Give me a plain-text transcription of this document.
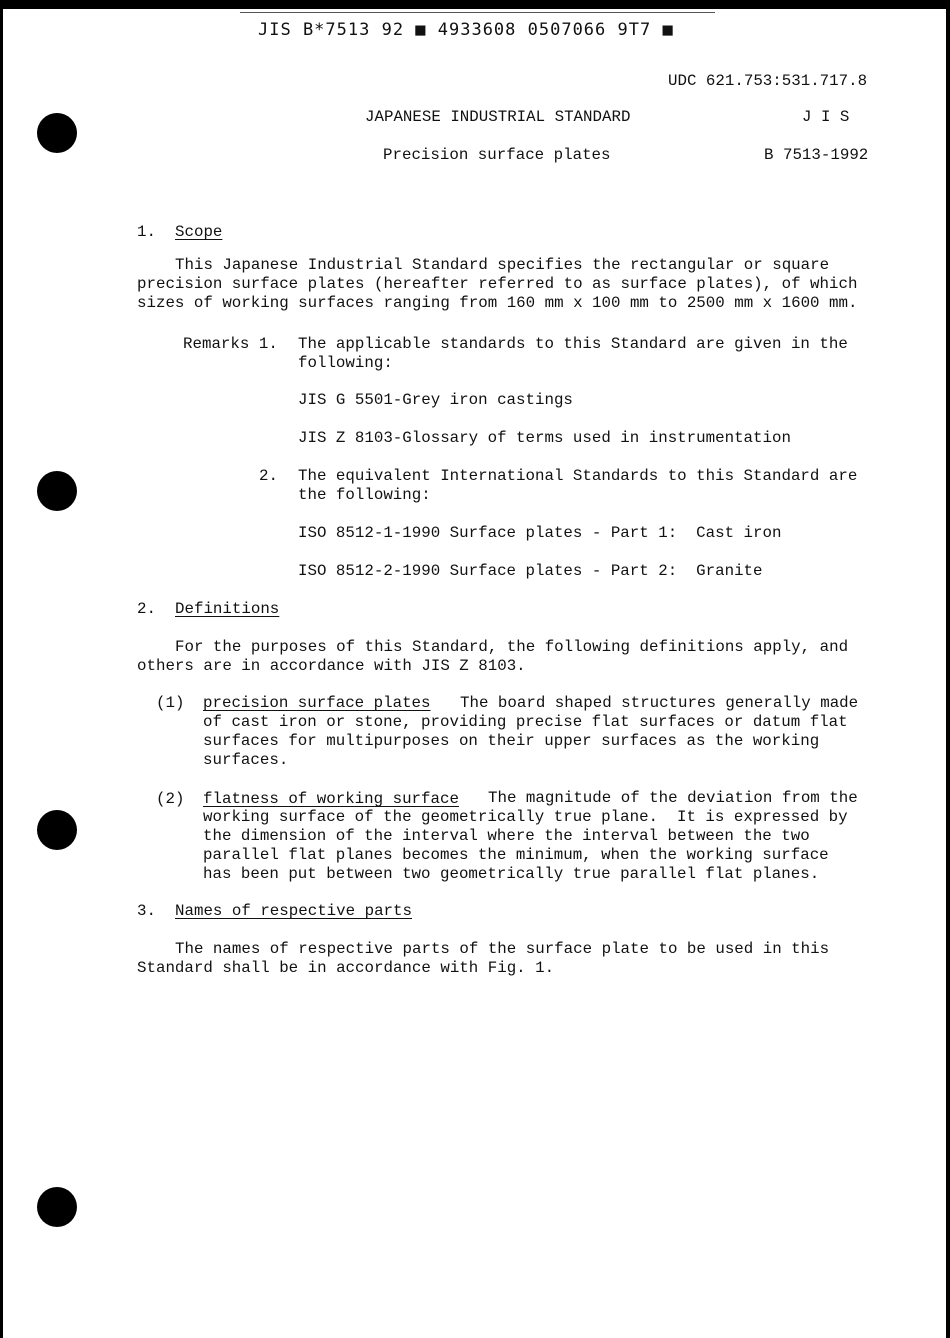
JIS B*7513 92 ■ 4933608 0507066 9T7 ■
UDC 621.753:531.717.8
JAPANESE INDUSTRIAL STANDARD	J I S
Precision surface plates	B 7513-1992
1. Scope
This Japanese Industrial Standard specifies the rectangular or square
precision surface plates (hereafter referred to as surface plates), of which
sizes of working surfaces ranging from 160 mm x 100 mm to 2500 mm x 1600 mm.
Remarks 1. The applicable standards to this Standard are given in the
following:
JIS G 5501-Grey iron castings
JIS Z 8103-Glossary of terms used in instrumentation
2. The equivalent International Standards to this Standard are
the following:
ISO 8512-1-1990 Surface plates - Part 1:  Cast iron
ISO 8512-2-1990 Surface plates - Part 2:  Granite
2. Definitions
For the purposes of this Standard, the following definitions apply, and
others are in accordance with JIS Z 8103.
(1) precision surface plates The board shaped structures generally made
of cast iron or stone, providing precise flat surfaces or datum flat
surfaces for multipurposes on their upper surfaces as the working
surfaces.
(2) flatness of working surface The magnitude of the deviation from the
working surface of the geometrically true plane.  It is expressed by
the dimension of the interval where the interval between the two
parallel flat planes becomes the minimum, when the working surface
has been put between two geometrically true parallel flat planes.
3. Names of respective parts
The names of respective parts of the surface plate to be used in this
Standard shall be in accordance with Fig. 1.
